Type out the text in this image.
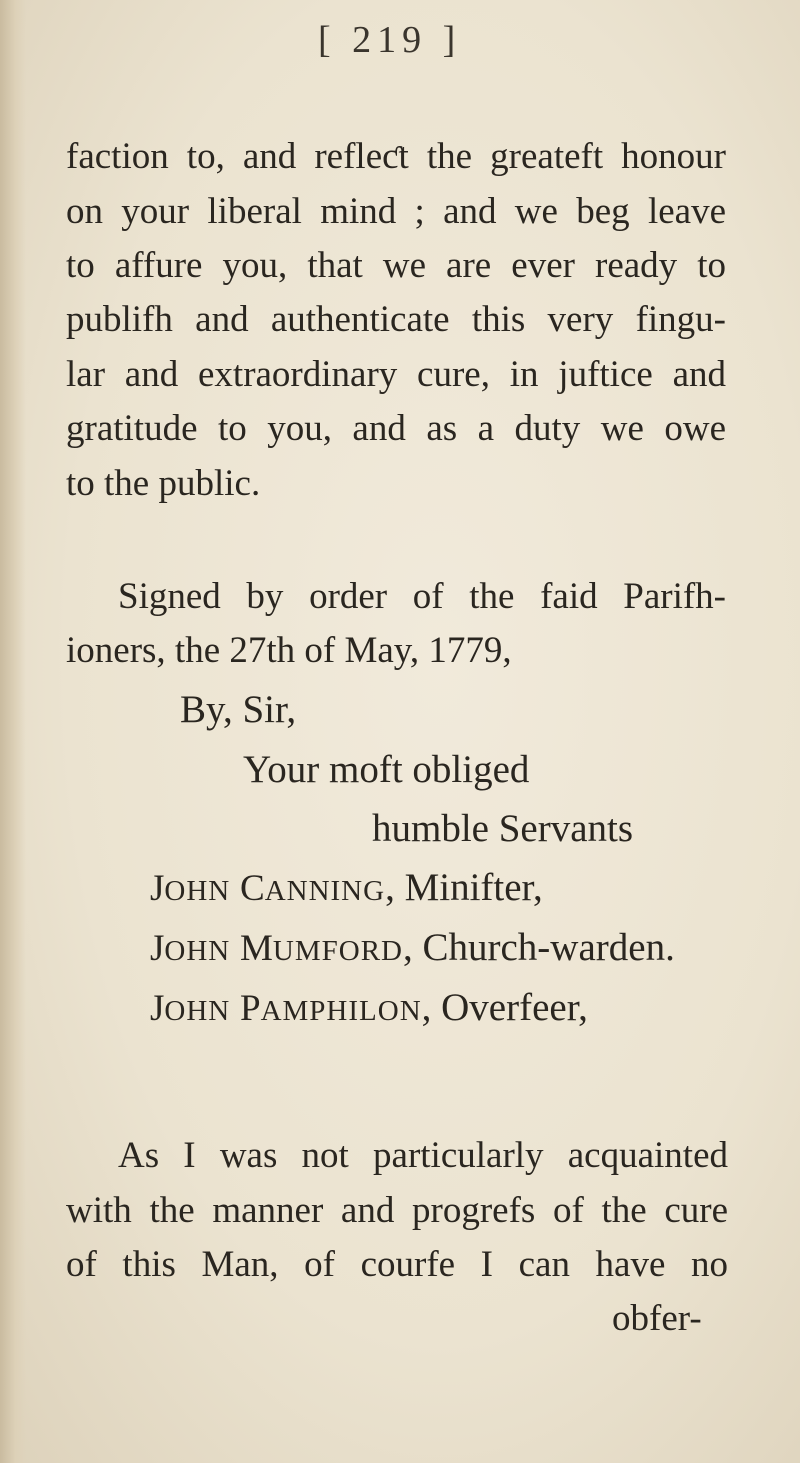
[ 219 ]
faction to, and refleƈt the greateft honour
on your liberal mind ; and we beg leave
to affure you, that we are ever ready to
publifh and authenticate this very fingu-
lar and extraordinary cure, in juftice and
gratitude to you, and as a duty we owe
to the public.
Signed by order of the faid Parifh-
ioners, the 27th of May, 1779,
By, Sir,
Your moft obliged
humble Servants
JOHN CANNING, Minifter,
JOHN MUMFORD, Church-warden.
JOHN PAMPHILON, Overfeer,
As I was not particularly acquainted
with the manner and progrefs of the cure
of this Man, of courfe I can have no
obfer-
